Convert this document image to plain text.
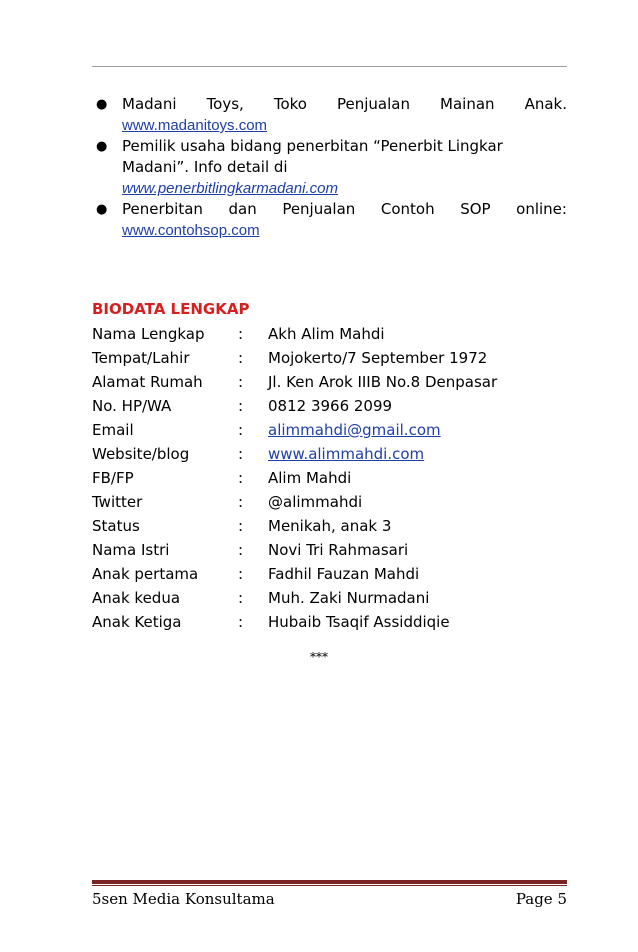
● Madani Toys, Toko Penjualan Mainan Anak.
www.madanitoys.com
● Pemilik usaha bidang penerbitan “Penerbit Lingkar
Madani”. Info detail di
www.penerbitlingkarmadani.com
● Penerbitan dan Penjualan Contoh SOP online:
www.contohsop.com
BIODATA LENGKAP
Nama Lengkap : Akh Alim Mahdi
Tempat/Lahir	: Mojokerto/7 September 1972
Alamat Rumah : Jl. Ken Arok IIIB No.8 Denpasar
No. HP/WA	: 0812 3966 2099
Email	: alimmahdi@gmail.com
Website/blog	: www.alimmahdi.com
FB/FP	: Alim Mahdi
Twitter	: @alimmahdi
Status	: Menikah, anak 3
Nama Istri	: Novi Tri Rahmasari
Anak pertama	: Fadhil Fauzan Mahdi
Anak kedua	: Muh. Zaki Nurmadani
Anak Ketiga	: Hubaib Tsaqif Assiddiqie
***
5sen Media Konsultama	Page 5
